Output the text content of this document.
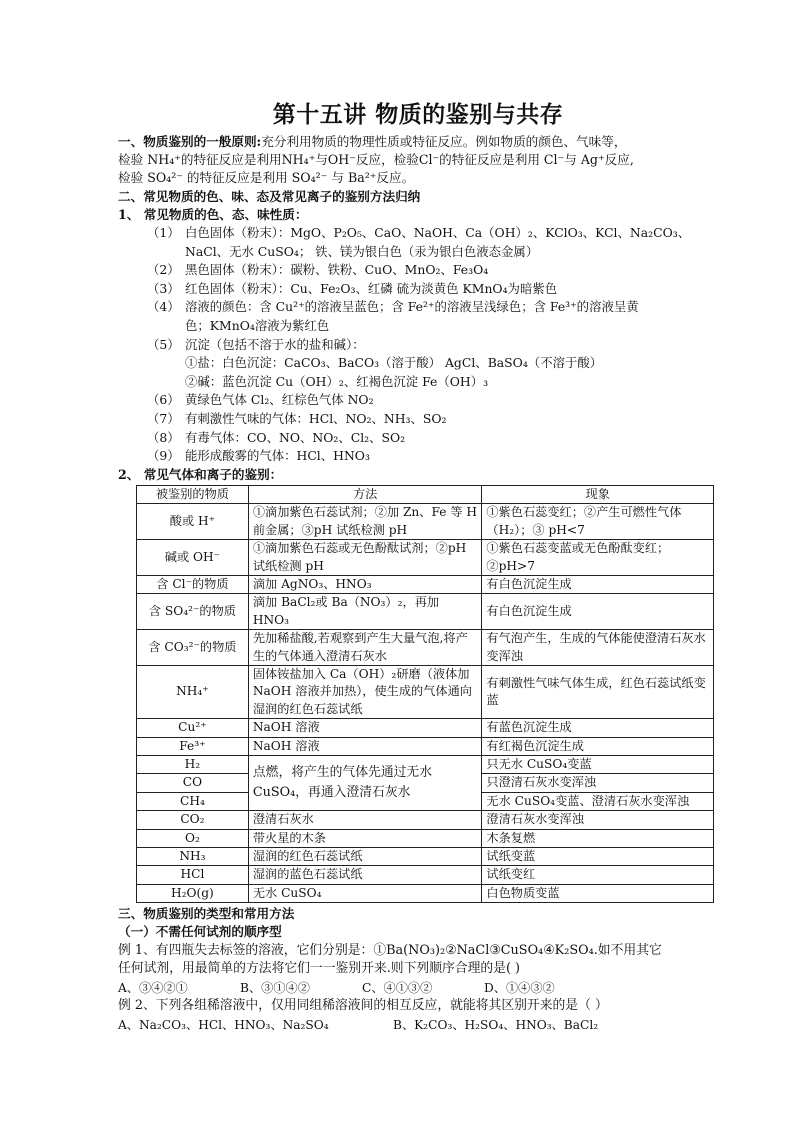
第十五讲 物质的鉴别与共存

一、物质鉴别的一般原则:充分利用物质的物理性质或特征反应。例如物质的颜色、气味等，

检验 NH₄⁺的特征反应是利用NH₄⁺与OH⁻反应，检验Cl⁻的特征反应是利用 Cl⁻与 Ag⁺反应,

检验 SO₄²⁻ 的特征反应是利用 SO₄²⁻ 与 Ba²⁺反应。

二、常见物质的色、味、态及常见离子的鉴别方法归纳

1、 常见物质的色、态、味性质：

（1） 白色固体（粉末）：MgO、P₂O₅、CaO、NaOH、Ca（OH）₂、KClO₃、KCl、Na₂CO₃、
NaCl、无水 CuSO₄； 铁、镁为银白色（汞为银白色液态金属）
（2） 黑色固体（粉末）：碳粉、铁粉、CuO、MnO₂、Fe₃O₄
（3） 红色固体（粉末）：Cu、Fe₂O₃、红磷 硫为淡黄色 KMnO₄为暗紫色
（4） 溶液的颜色：含 Cu²⁺的溶液呈蓝色；含 Fe²⁺的溶液呈浅绿色；含 Fe³⁺的溶液呈黄
色；KMnO₄溶液为紫红色
（5） 沉淀（包括不溶于水的盐和碱）：
①盐：白色沉淀：CaCO₃、BaCO₃（溶于酸） AgCl、BaSO₄（不溶于酸）
②碱：蓝色沉淀 Cu（OH）₂、红褐色沉淀 Fe（OH）₃
（6） 黄绿色气体 Cl₂、红棕色气体 NO₂
（7） 有刺激性气味的气体：HCl、NO₂、NH₃、SO₂
（8） 有毒气体：CO、NO、NO₂、Cl₂、SO₂
（9） 能形成酸雾的气体：HCl、HNO₃

2、 常见气体和离子的鉴别：

被鉴别的物质	方法	现象
酸或 H⁺	①滴加紫色石蕊试剂；②加 Zn、Fe 等 H 前金属；③pH 试纸检测 pH	①紫色石蕊变红；②产生可燃性气体（H₂）；③ pH<7
碱或 OH⁻	①滴加紫色石蕊或无色酚酞试剂；②pH 试纸检测 pH	①紫色石蕊变蓝或无色酚酞变红；②pH>7
含 Cl⁻的物质	滴加 AgNO₃、HNO₃	有白色沉淀生成
含 SO₄²⁻的物质	滴加 BaCl₂或 Ba（NO₃）₂，再加 HNO₃	有白色沉淀生成
含 CO₃²⁻的物质	先加稀盐酸,若观察到产生大量气泡,将产生的气体通入澄清石灰水	有气泡产生，生成的气体能使澄清石灰水变浑浊
NH₄⁺	固体铵盐加入 Ca（OH）₂研磨（液体加 NaOH 溶液并加热），使生成的气体通向湿润的红色石蕊试纸	有刺激性气味气体生成，红色石蕊试纸变蓝
Cu²⁺	NaOH 溶液	有蓝色沉淀生成
Fe³⁺	NaOH 溶液	有红褐色沉淀生成
H₂	点燃，将产生的气体先通过无水 CuSO₄，再通入澄清石灰水	只无水 CuSO₄变蓝
CO		只澄清石灰水变浑浊
CH₄		无水 CuSO₄变蓝、澄清石灰水变浑浊
CO₂	澄清石灰水	澄清石灰水变浑浊
O₂	带火星的木条	木条复燃
NH₃	湿润的红色石蕊试纸	试纸变蓝
HCl	湿润的蓝色石蕊试纸	试纸变红
H₂O(g)	无水 CuSO₄	白色物质变蓝

三、物质鉴别的类型和常用方法

（一）不需任何试剂的顺序型

例 1、有四瓶失去标签的溶液，它们分别是：①Ba(NO₃)₂②NaCl③CuSO₄④K₂SO₄.如不用其它

任何试剂，用最简单的方法将它们一一鉴别开来.则下列顺序合理的是( )

A、③④②①	B、③①④②	C、④①③②	D、①④③②

例 2、下列各组稀溶液中，仅用同组稀溶液间的相互反应，就能将其区别开来的是（ ）

A、Na₂CO₃、HCl、HNO₃、Na₂SO₄	B、K₂CO₃、H₂SO₄、HNO₃、BaCl₂
